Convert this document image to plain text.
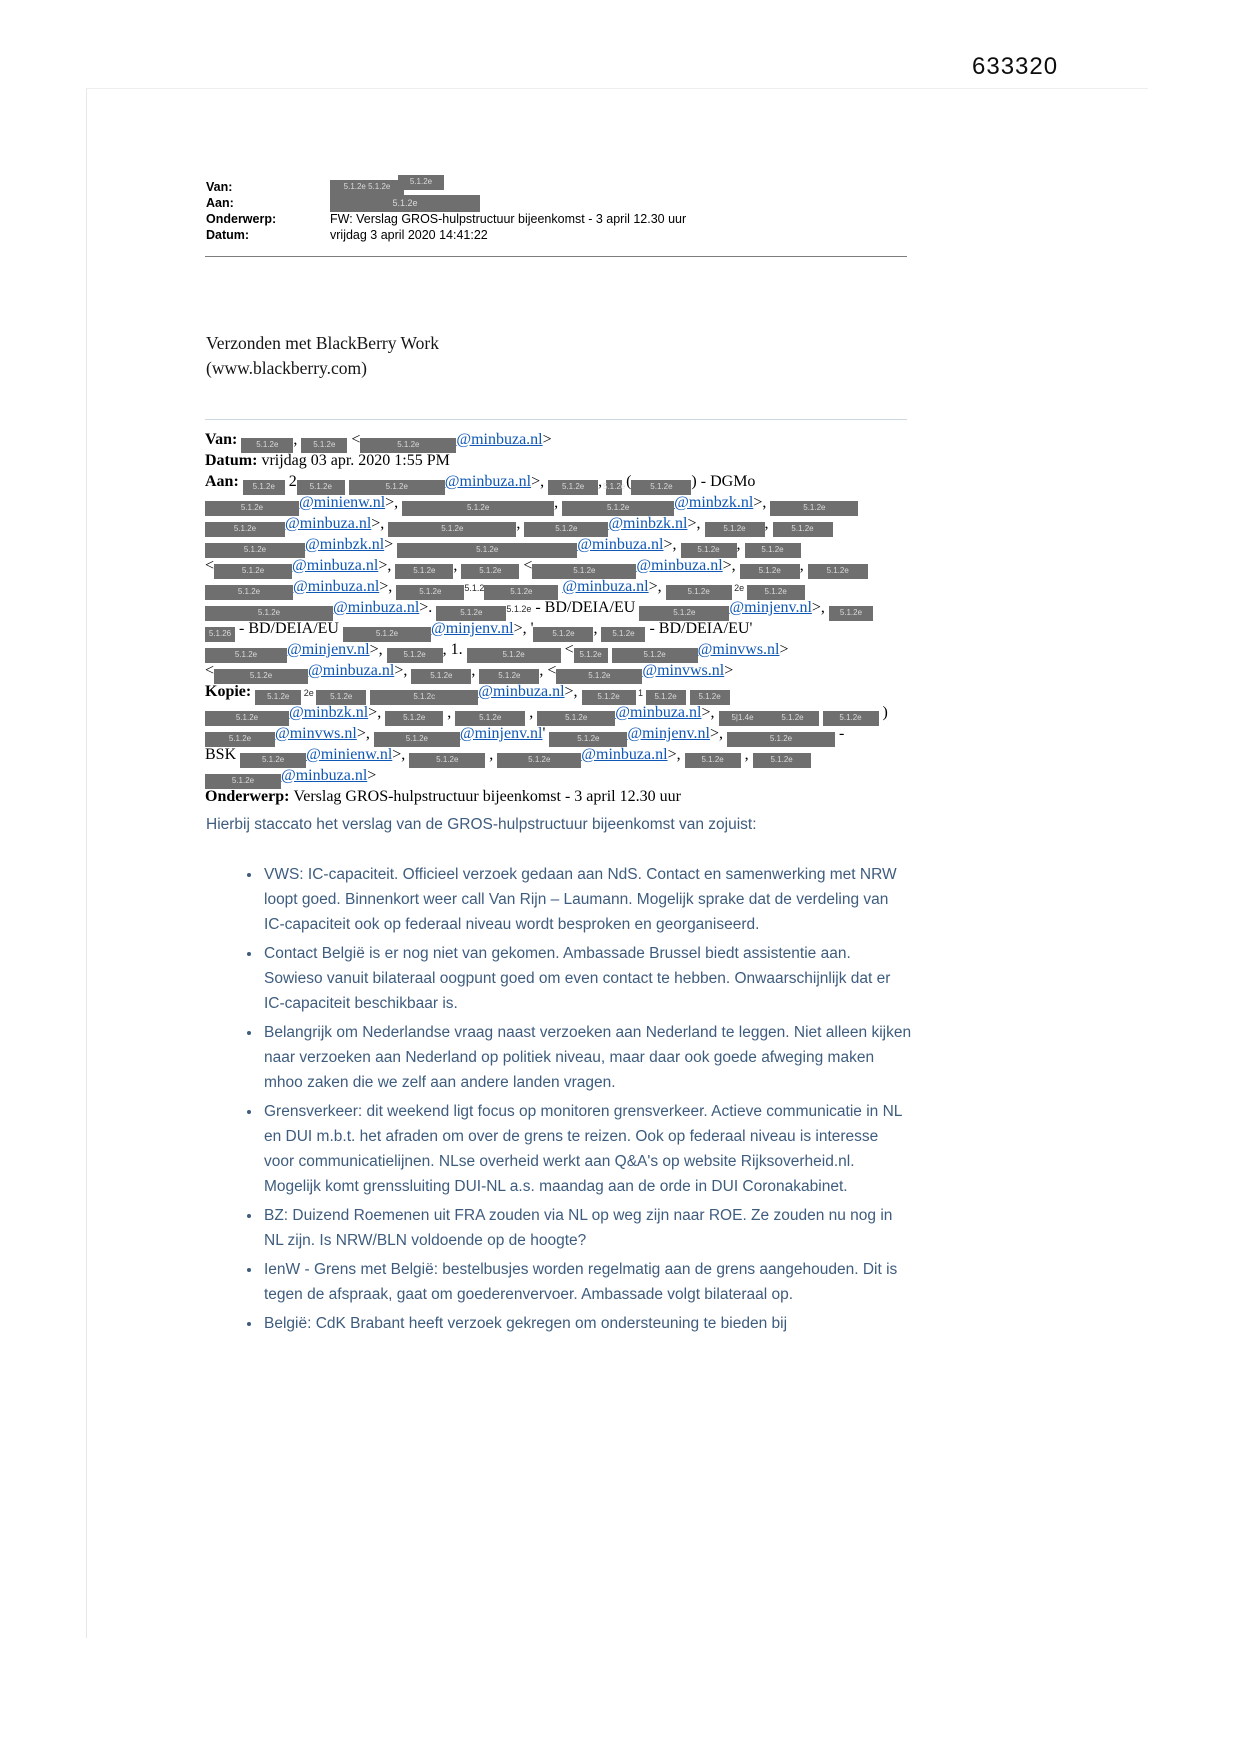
633320
Van:	5.1.2e 5.1.2e
5.1.2e
Aan:	5.1.2e
Onderwerp:	FW: Verslag GROS-hulpstructuur bijeenkomst - 3 april 12.30 uur
Datum:	vrijdag 3 april 2020 14:41:22
Verzonden met BlackBerry Work
(www.blackberry.com)
Van: 5.1.2e , 5.1.2e <	5.1.2e @minbuza.nl>
Datum: vrijdag 03 apr. 2020 1:55 PM
Aan: 5.1.2e 2 5.1.2e	5.1.2e @minbuza.nl>, 5.1.2e , 5.1.2e ( 5.1.2e ) - DGMo
5.1.2e @minienw.nl>,	5.1.2e	,	5.1.2e	@minbzk.nl>,	5.1.2e
5.1.2e @minbuza.nl>,	5.1.2e	,	5.1.2e @minbzk.nl>, 5.1.2e , 5.1.2e
5.1.2e @minbzk.nl>	5.1.2e	@minbuza.nl>, 5.1.2e , 5.1.2e
<	5.1.2e @minbuza.nl>, 5.1.2e , 5.1.2e <	5.1.2e	@minbuza.nl>, 5.1.2e , 5.1.2e
5.1.2e @minbuza.nl>,	5.1.2e	5.1.2	5.1.2e @minbuza.nl>,	5.1.2e 2e 5.1.2e
5.1.2e	@minbuza.nl>.	5.1.2e	5.1.2e - BD/DEIA/EU	5.1.2e @minjenv.nl>, 5.1.2e
5.1.26 - BD/DEIA/EU	5.1.2e @minjenv.nl>, ' 5.1.2e , 5.1.2e - BD/DEIA/EU'
5.1.2e @minjenv.nl>, 5.1.2e , 1.	5.1.2e < 5.1.2e	5.1.2e @minvws.nl>
<	5.1.2e @minbuza.nl>, 5.1.2e , 5.1.2e , <	5.1.2e @minvws.nl>
Kopie: 5.1.2e 2e 5.1.2e	5.1.2c	@minbuza.nl>, 5.1.2e 1 5.1.2e	5.1.2e
5.1.2e @minbzk.nl>, 5.1.2e ,	5.1.2e ,	5.1.2e @minbuza.nl>, 5|1.4e	5.1.2e	5.1.2e )
5.1.2e @minvws.nl>,	5.1.2e @minjenv.nl'	5.1.2e @minjenv.nl>,	5.1.2e	-
BSK	5.1.2e @minienw.nl>,	5.1.2e ,	5.1.2e @minbuza.nl>, 5.1.2e , 5.1.2e
5.1.2e @minbuza.nl>
Onderwerp: Verslag GROS-hulpstructuur bijeenkomst - 3 april 12.30 uur

Hierbij staccato het verslag van de GROS-hulpstructuur bijeenkomst van zojuist:

• VWS: IC-capaciteit. Officieel verzoek gedaan aan NdS. Contact en samenwerking met NRW loopt goed. Binnenkort weer call Van Rijn – Laumann. Mogelijk sprake dat de verdeling van IC-capaciteit ook op federaal niveau wordt besproken en georganiseerd.
• Contact België is er nog niet van gekomen. Ambassade Brussel biedt assistentie aan. Sowieso vanuit bilateraal oogpunt goed om even contact te hebben. Onwaarschijnlijk dat er IC-capaciteit beschikbaar is.
• Belangrijk om Nederlandse vraag naast verzoeken aan Nederland te leggen. Niet alleen kijken naar verzoeken aan Nederland op politiek niveau, maar daar ook goede afweging maken mhoo zaken die we zelf aan andere landen vragen.
• Grensverkeer: dit weekend ligt focus op monitoren grensverkeer. Actieve communicatie in NL en DUI m.b.t. het afraden om over de grens te reizen. Ook op federaal niveau is interesse voor communicatielijnen. NLse overheid werkt aan Q&A's op website Rijksoverheid.nl. Mogelijk komt grenssluiting DUI-NL a.s. maandag aan de orde in DUI Coronakabinet.
• BZ: Duizend Roemenen uit FRA zouden via NL op weg zijn naar ROE. Ze zouden nu nog in NL zijn. Is NRW/BLN voldoende op de hoogte?
• IenW - Grens met België: bestelbusjes worden regelmatig aan de grens aangehouden. Dit is tegen de afspraak, gaat om goederenvervoer. Ambassade volgt bilateraal op.
• België: CdK Brabant heeft verzoek gekregen om ondersteuning te bieden bij
